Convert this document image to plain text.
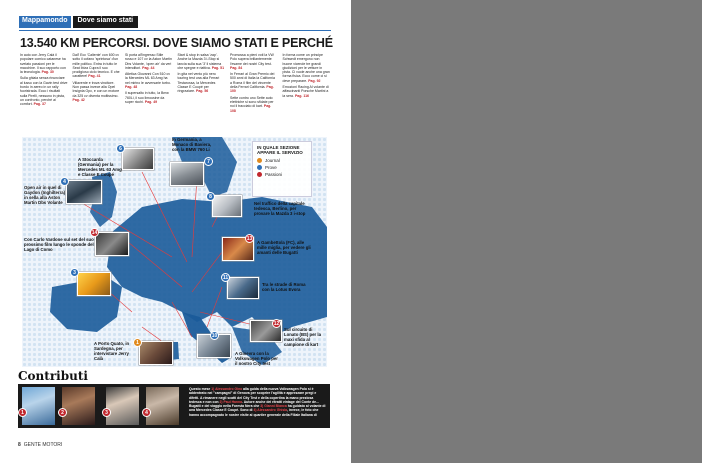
Mappamondo	Dove siamo stati
13.540 KM PERCORSI. DOVE SIAMO STATI E PERCHÉ

In auto con Jerry Calà il popolare comico catanese ha svelato passioni per le macchine. Il suo rapporto con la tecnologia. Pag. 30

Sulla ghiaia senza rinunciare al lusso con la Gavin test drive bordo in aereo in un rally fuoristrada. Ecco i risultati sulla Pirelli, nessuno in pista, un confronto, perché ai comfort. Pag. 37

Dall' Ecc 'Caliente' con 600 cv sotto il cofano 'sprintosa' d'un mille politico. Entra in tutto le Seat Ibiza Cupra il suo prodigioso ciclo tecnico. E che carattere! Pag. 41

Villaverde e trova vincitore. Non passa invece alla Opel Insignia Opc, e con un motore da 325 cv diventa moltissimo. Pag. 42

Si porta all'ingresso Stile russo e 107 cv la Aston Martin Dbs Volante, 'open air' da veri intenditori. Pag. 44

Atletica Giovanni Con 510 cv la Mercedes ML 63 Amg ha nel mirino le avversarie turbo. Pag. 48

Il supersalto in tutto, la Bmw 760Li, il suo limousine da super ricchi. Pag. 49

Start & stop in salsa 'zap'. Anche la Mazda 3 i-Stop si lancia sulla sua '3' il sistema che spegne e riattiva. Pag. 51

In gita nel vento più nero touring test una alla Ferrari Testarossa, la Mercedes Classe E Coupé per ringraziare. Pag. 56

Promossa a pieni voti la VW Polo supera brillantemente l'esame dei nostri City test. Pag. 84

In Ferrari al Gran Premio dei 500 anni di Italia la California a Roma il film del vincente della Ferrari California. Pag. 100

Sette contro uno Sette auto elettriche si sono sfidate per noi il tracciato di kart. Pag. 108

In forma come un principe Schwedt emergono non buone vicende tre grandi giudizioni per le vetture in pista. Ci vuole anche una gran forma fisica. Ecco come ci si deve preparare. Pag. 92

Emozioni Racing Al volante di affascinanti Porsche Martini a la sera. Pag. 116

6
7
4
8
14
13
3
11
12
10
1
A Stoccarda (Germania) per la Mercedes ML 63 Amg e Classe E Coupé
In Germania, a Monaco di Baviera, con la BMW 760 Li
Open air in quel di Gaydon (Inghilterra) in sella alla Aston Martin Dbs Volante	Nel traffico della capitale tedesca, Berlino, per provare la Mazda 3 i-stop
Con Carlo Vardone sul set del suo prossimo film lungo le sponde del Lago di Como
A Gambettola (FC), alle mille miglia, per vedere gli amanti delle Bugatti
Tra le strade di Roma con la Lotus Evora
Sul circuito di Lonato (BS) per la maxi sfida al campione di kart
A Ginevra con la Volkswagen Polo per il nostro City test
A Porto Quato, in Sardegna, per intervistare Jerry Calà
IN QUALE SEZIONE APPARE IL SERVIZIO
Journal
Prove
Passioni
Contributi
1	2	3	4
Questo mese 1) Alessandro Gino alla guida della nuova Volkswagen Polo si è addentrato nei "campagni" di Genova per scoprire l'agilità e apprezzare pregi e difetti. A rimanere negli scatti del City Test e della copertina la mano preziosa tedesca e non con 2) Paul Hanna. Autore anche dei ritratti vintage del Conte de... Bugatti e del viaggio nella Foresta Nera che 3) Gianni Bianca ha guidato al volante di una Mercedes Classe E Coupé. Sono di 4) Alessandro Ghisla, invece, le foto che hanno accompagnato le nostre visite al quartier generale della Filiale Italiana di
8 GENTE MOTORI
